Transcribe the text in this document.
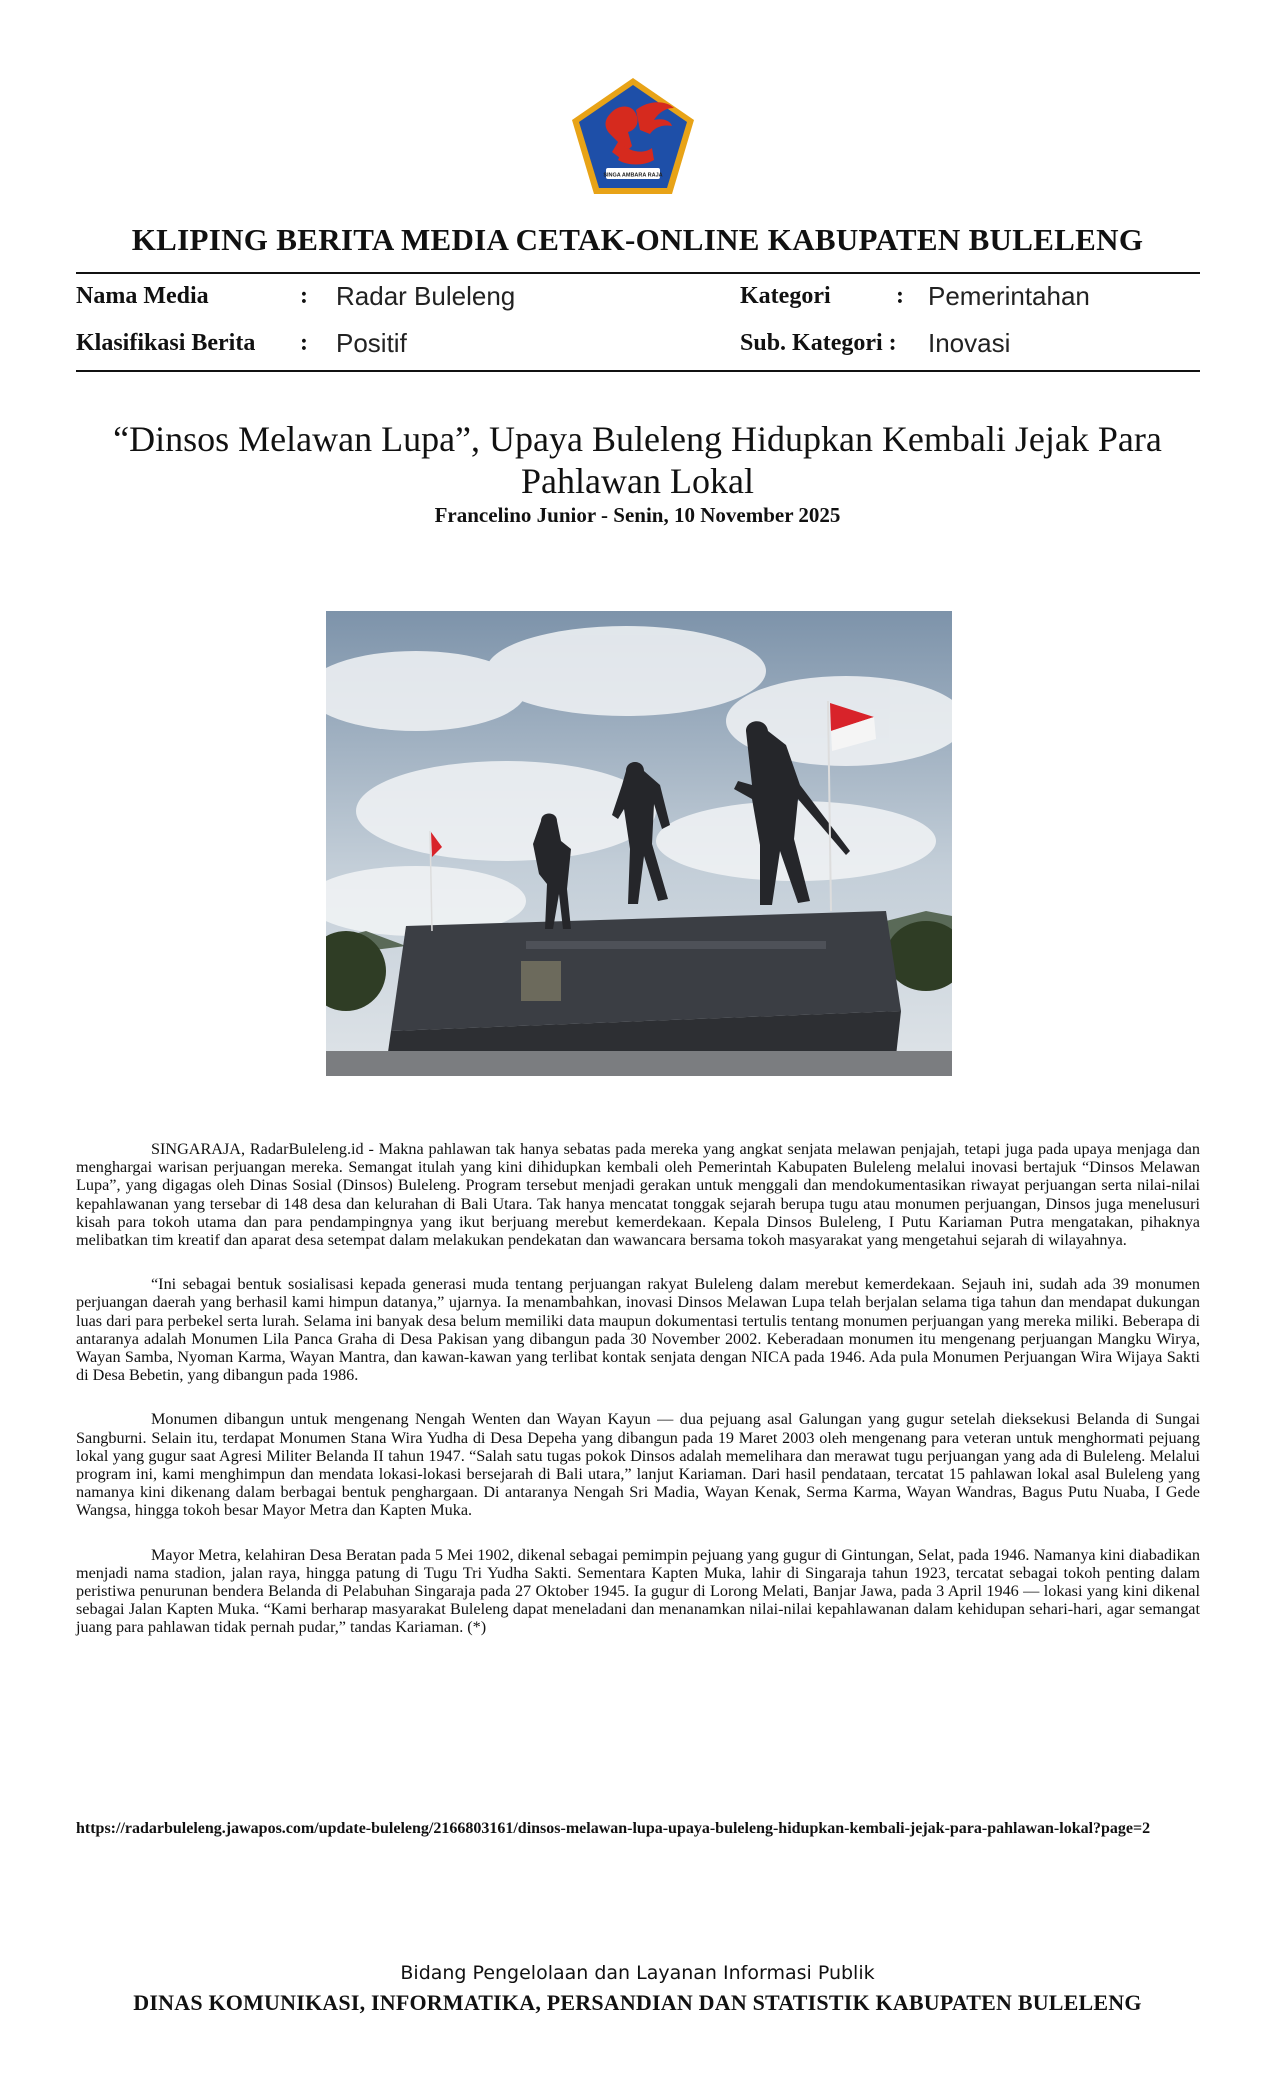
SINGA AMBARA RAJA
KLIPING BERITA MEDIA CETAK-ONLINE KABUPATEN BULELENG
Nama Media	: Radar Buleleng
Klasifikasi Berita : Positif
Kategori	: Pemerintahan
Sub. Kategori : Inovasi
“Dinsos Melawan Lupa”, Upaya Buleleng Hidupkan Kembali Jejak Para Pahlawan Lokal
Francelino Junior - Senin, 10 November 2025

SINGARAJA, RadarBuleleng.id - Makna pahlawan tak hanya sebatas pada mereka yang angkat senjata melawan penjajah, tetapi juga pada upaya menjaga dan menghargai warisan perjuangan mereka. Semangat itulah yang kini dihidupkan kembali oleh Pemerintah Kabupaten Buleleng melalui inovasi bertajuk “Dinsos Melawan Lupa”, yang digagas oleh Dinas Sosial (Dinsos) Buleleng. Program tersebut menjadi gerakan untuk menggali dan mendokumentasikan riwayat perjuangan serta nilai-nilai kepahlawanan yang tersebar di 148 desa dan kelurahan di Bali Utara. Tak hanya mencatat tonggak sejarah berupa tugu atau monumen perjuangan, Dinsos juga menelusuri kisah para tokoh utama dan para pendampingnya yang ikut berjuang merebut kemerdekaan. Kepala Dinsos Buleleng, I Putu Kariaman Putra mengatakan, pihaknya melibatkan tim kreatif dan aparat desa setempat dalam melakukan pendekatan dan wawancara bersama tokoh masyarakat yang mengetahui sejarah di wilayahnya.

“Ini sebagai bentuk sosialisasi kepada generasi muda tentang perjuangan rakyat Buleleng dalam merebut kemerdekaan. Sejauh ini, sudah ada 39 monumen perjuangan daerah yang berhasil kami himpun datanya,” ujarnya. Ia menambahkan, inovasi Dinsos Melawan Lupa telah berjalan selama tiga tahun dan mendapat dukungan luas dari para perbekel serta lurah. Selama ini banyak desa belum memiliki data maupun dokumentasi tertulis tentang monumen perjuangan yang mereka miliki. Beberapa di antaranya adalah Monumen Lila Panca Graha di Desa Pakisan yang dibangun pada 30 November 2002. Keberadaan monumen itu mengenang perjuangan Mangku Wirya, Wayan Samba, Nyoman Karma, Wayan Mantra, dan kawan-kawan yang terlibat kontak senjata dengan NICA pada 1946. Ada pula Monumen Perjuangan Wira Wijaya Sakti di Desa Bebetin, yang dibangun pada 1986.

Monumen dibangun untuk mengenang Nengah Wenten dan Wayan Kayun — dua pejuang asal Galungan yang gugur setelah dieksekusi Belanda di Sungai Sangburni. Selain itu, terdapat Monumen Stana Wira Yudha di Desa Depeha yang dibangun pada 19 Maret 2003 oleh mengenang para veteran untuk menghormati pejuang lokal yang gugur saat Agresi Militer Belanda II tahun 1947. “Salah satu tugas pokok Dinsos adalah memelihara dan merawat tugu perjuangan yang ada di Buleleng. Melalui program ini, kami menghimpun dan mendata lokasi-lokasi bersejarah di Bali utara,” lanjut Kariaman. Dari hasil pendataan, tercatat 15 pahlawan lokal asal Buleleng yang namanya kini dikenang dalam berbagai bentuk penghargaan. Di antaranya Nengah Sri Madia, Wayan Kenak, Serma Karma, Wayan Wandras, Bagus Putu Nuaba, I Gede Wangsa, hingga tokoh besar Mayor Metra dan Kapten Muka.

Mayor Metra, kelahiran Desa Beratan pada 5 Mei 1902, dikenal sebagai pemimpin pejuang yang gugur di Gintungan, Selat, pada 1946. Namanya kini diabadikan menjadi nama stadion, jalan raya, hingga patung di Tugu Tri Yudha Sakti. Sementara Kapten Muka, lahir di Singaraja tahun 1923, tercatat sebagai tokoh penting dalam peristiwa penurunan bendera Belanda di Pelabuhan Singaraja pada 27 Oktober 1945. Ia gugur di Lorong Melati, Banjar Jawa, pada 3 April 1946 — lokasi yang kini dikenal sebagai Jalan Kapten Muka. “Kami berharap masyarakat Buleleng dapat meneladani dan menanamkan nilai-nilai kepahlawanan dalam kehidupan sehari-hari, agar semangat juang para pahlawan tidak pernah pudar,” tandas Kariaman. (*)

https://radarbuleleng.jawapos.com/update-buleleng/2166803161/dinsos-melawan-lupa-upaya-buleleng-hidupkan-kembali-jejak-para-pahlawan-lokal?page=2
Bidang Pengelolaan dan Layanan Informasi Publik
DINAS KOMUNIKASI, INFORMATIKA, PERSANDIAN DAN STATISTIK KABUPATEN BULELENG
